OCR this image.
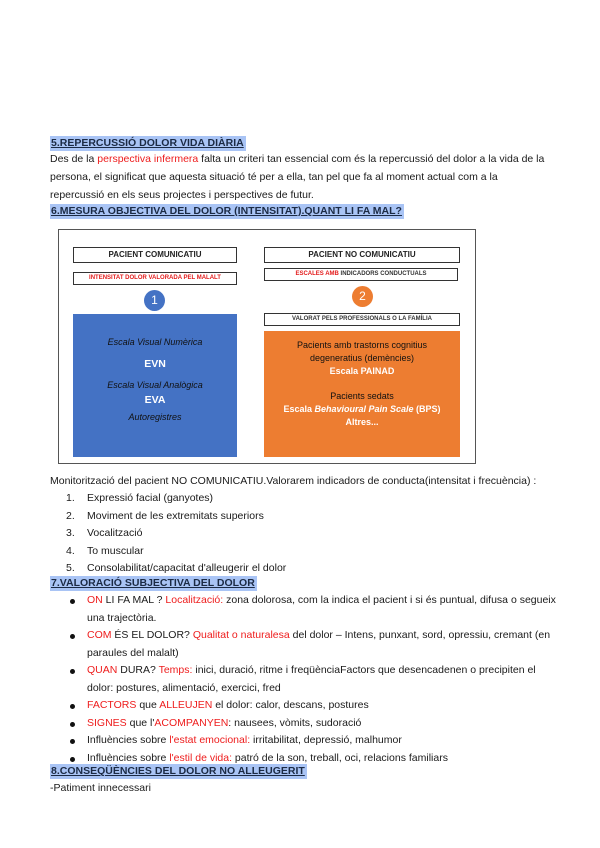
5.REPERCUSSIÓ DOLOR VIDA DIÀRIA
Des de la perspectiva infermera falta un criteri tan essencial com és la repercussió del dolor a la vida de la
persona, el significat que aquesta situació té per a ella, tan pel que fa al moment actual com a la
repercussió en els seus projectes i perspectives de futur.
6.MESURA OBJECTIVA DEL DOLOR (INTENSITAT).QUANT LI FA MAL?
PACIENT COMUNICATIU
INTENSITAT DOLOR VALORADA PEL MALALT
1
Escala Visual Numèrica
EVN
Escala Visual Analògica
EVA
Autoregistres
PACIENT NO COMUNICATIU
ESCALES AMB INDICADORS CONDUCTUALS
2
VALORAT PELS PROFESSIONALS O LA FAMÍLIA
Pacients amb trastorns cognitius
degeneratius (demències)
Escala PAINAD
Pacients sedats
Escala Behavioural Pain Scale (BPS)
Altres...
Monitorització del pacient NO COMUNICATIU.Valorarem indicadors de conducta(intensitat i frecuència) :
1.	Expressió facial (ganyotes)
2.	Moviment de les extremitats superiors
3.	Vocalització
4.	To muscular
5.	Consolabilitat/capacitat d'alleugerir el dolor
7.VALORACIÓ SUBJECTIVA DEL DOLOR
ON LI FA MAL ? Localització: zona dolorosa, com la indica el pacient i si és puntual, difusa o segueix
una trajectòria.
COM ÉS EL DOLOR? Qualitat o naturalesa del dolor – Intens, punxant, sord, opressiu, cremant (en
paraules del malalt)
QUAN DURA? Temps: inici, duració, ritme i freqüènciaFactors que desencadenen o precipiten el
dolor: postures, alimentació, exercici, fred
FACTORS que ALLEUJEN el dolor: calor, descans, postures
SIGNES que l'ACOMPANYEN: nausees, vòmits, sudoració
Influències sobre l'estat emocional: irritabilitat, depressió, malhumor
Influències sobre l'estil de vida: patró de la son, treball, oci, relacions familiars
8.CONSEQÜÈNCIES DEL DOLOR NO ALLEUGERIT
-Patiment innecessari
